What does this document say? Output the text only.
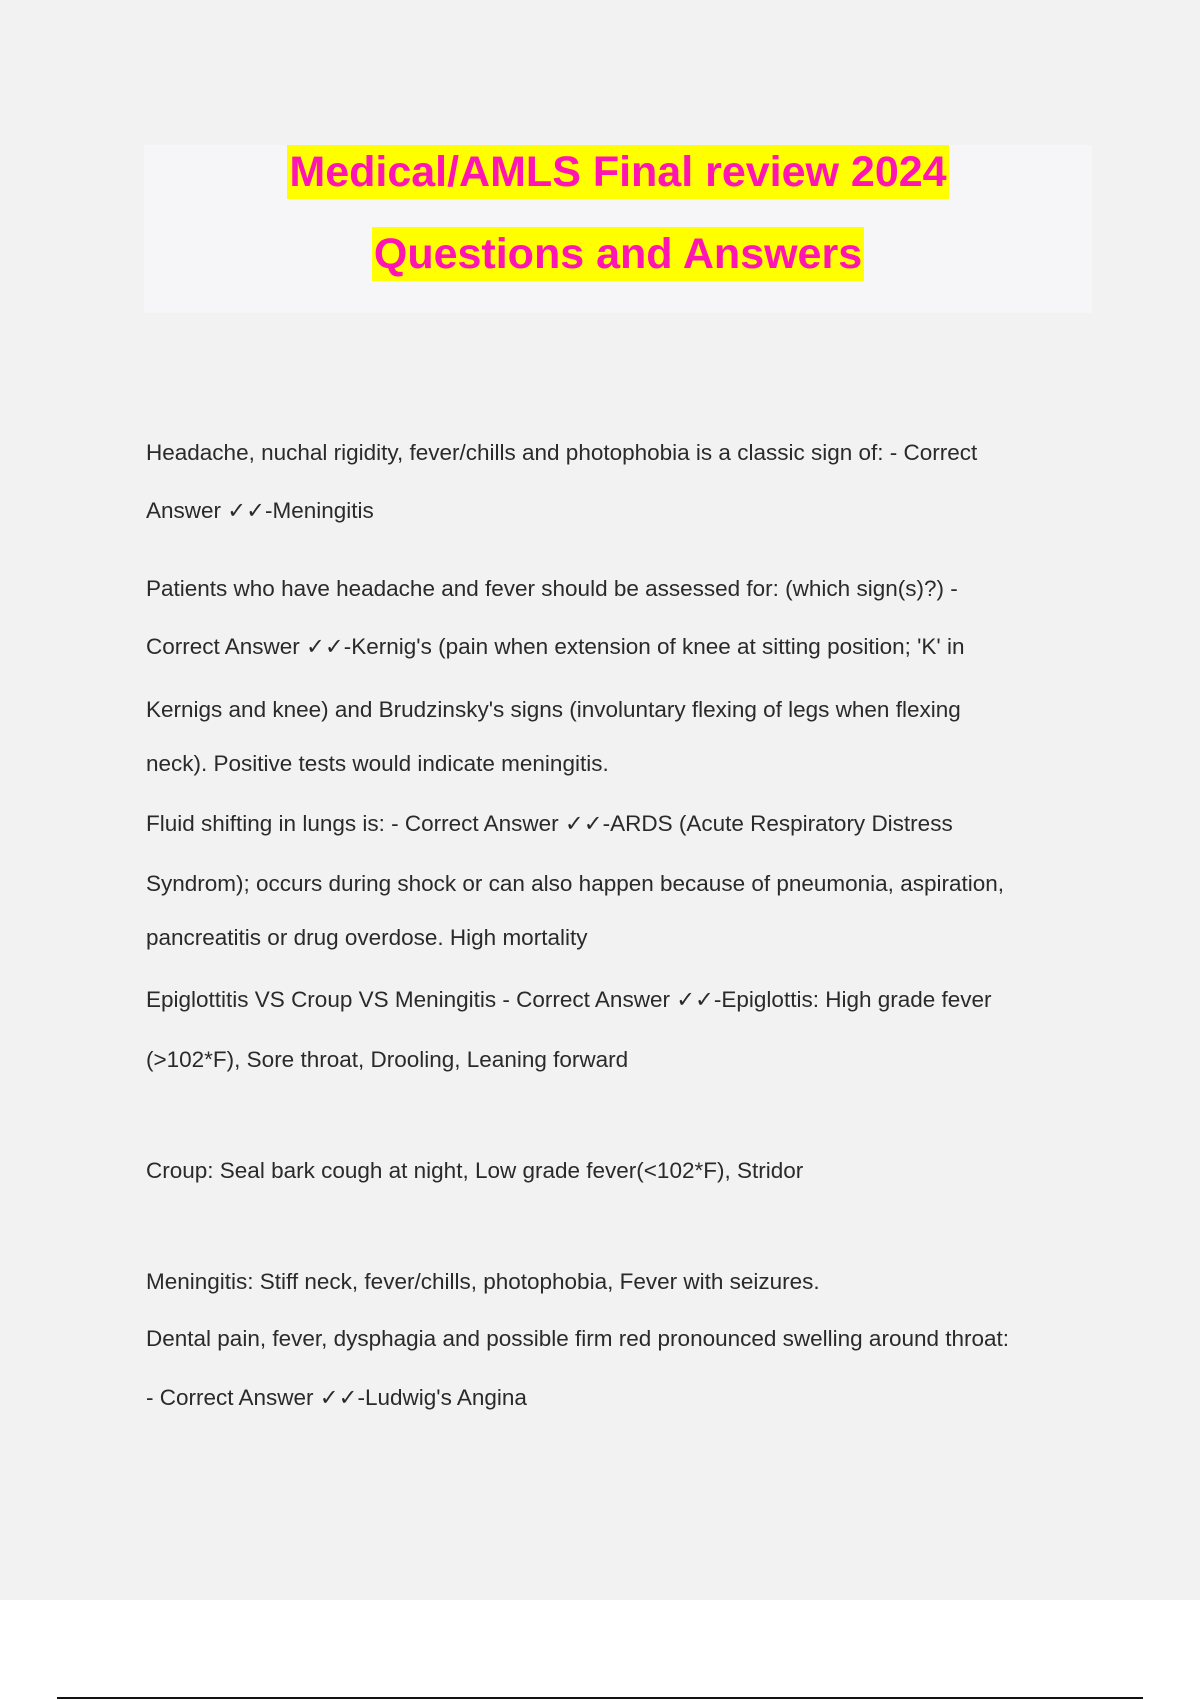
Medical/AMLS Final review 2024
Questions and Answers
Headache, nuchal rigidity, fever/chills and photophobia is a classic sign of: - Correct
Answer ✓✓-Meningitis
Patients who have headache and fever should be assessed for: (which sign(s)?) -
Correct Answer ✓✓-Kernig's (pain when extension of knee at sitting position; 'K' in
Kernigs and knee) and Brudzinsky's signs (involuntary flexing of legs when flexing
neck). Positive tests would indicate meningitis.
Fluid shifting in lungs is: - Correct Answer ✓✓-ARDS (Acute Respiratory Distress
Syndrom); occurs during shock or can also happen because of pneumonia, aspiration,
pancreatitis or drug overdose. High mortality
Epiglottitis VS Croup VS Meningitis - Correct Answer ✓✓-Epiglottis: High grade fever
(>102*F), Sore throat, Drooling, Leaning forward
Croup: Seal bark cough at night, Low grade fever(<102*F), Stridor
Meningitis: Stiff neck, fever/chills, photophobia, Fever with seizures.
Dental pain, fever, dysphagia and possible firm red pronounced swelling around throat:
- Correct Answer ✓✓-Ludwig's Angina
